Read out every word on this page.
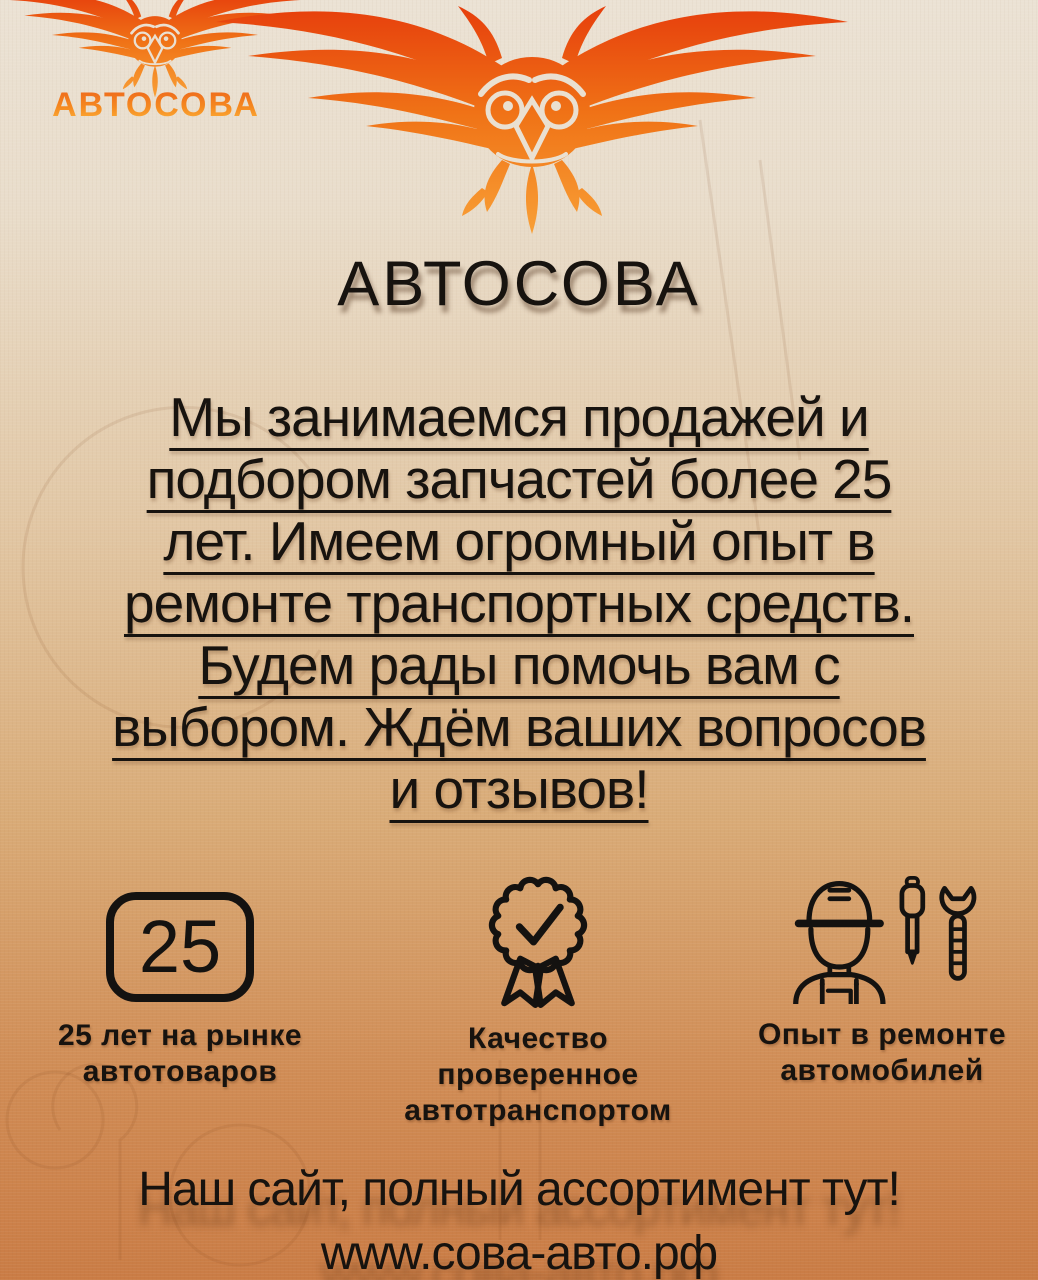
АВТОСОВА
АВТОСОВА
Мы занимаемся продажей и
подбором запчастей более 25
лет. Имеем огромный опыт в
ремонте транспортных средств.
Будем рады помочь вам с
выбором. Ждём ваших вопросов
и отзывов!
25
25 лет на рынке
автотоваров
Качество
проверенное
автотранспортом
Опыт в ремонте
автомобилей
Наш сайт, полный ассортимент тут!
www.сова-авто.рф
